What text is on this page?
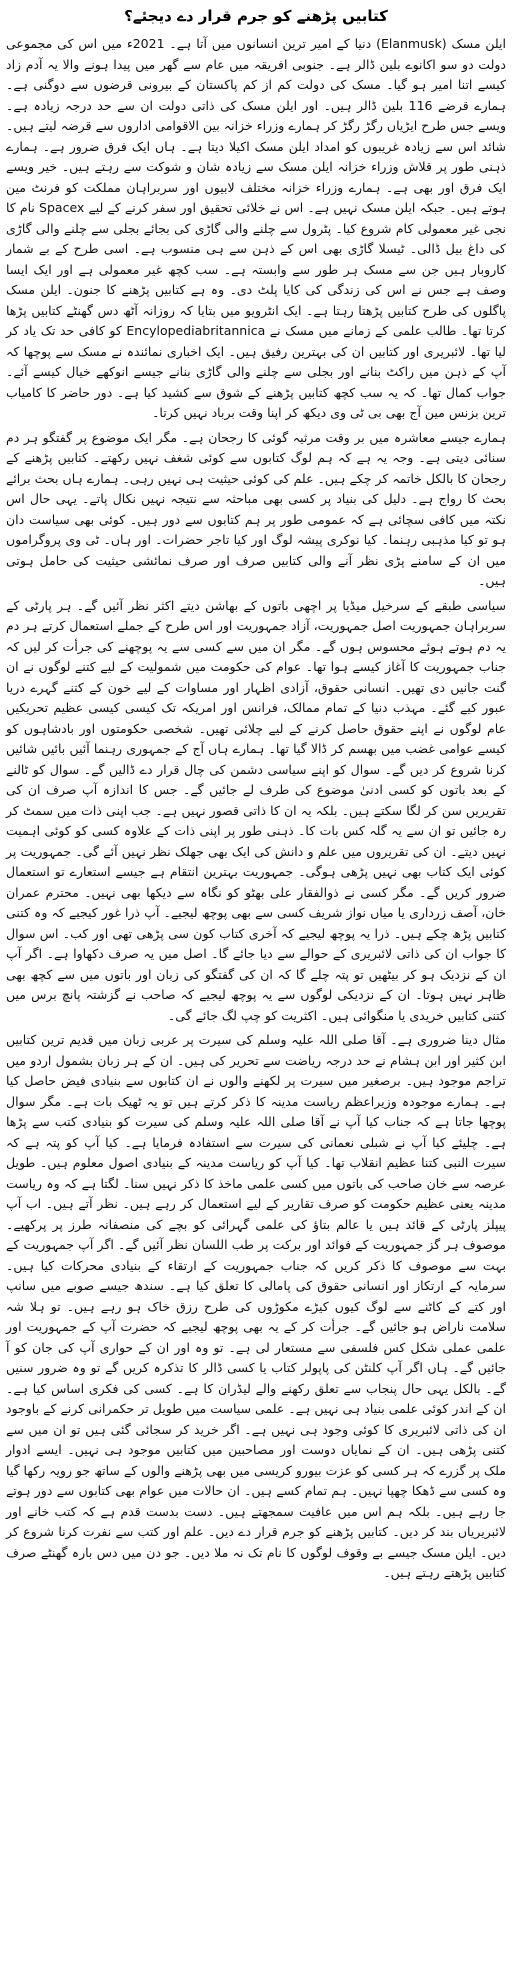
کتابیں پڑھنے کو جرم قرار دے دیجئے؟

ایلن مسک (Elanmusk) دنیا کے امیر ترین انسانوں میں آتا ہے۔ 2021ء میں اس کی مجموعی دولت دو سو اکانوے بلین ڈالر ہے۔ جنوبی افریقہ میں عام سے گھر میں پیدا ہونے والا یہ آدم زاد کیسے اتنا امیر ہو گیا۔ مسک کی دولت کم از کم پاکستان کے بیرونی قرضوں سے دوگنی ہے۔ ہمارے قرضے 116 بلین ڈالر ہیں۔ اور ایلن مسک کی ذاتی دولت ان سے حد درجہ زیادہ ہے۔ ویسے جس طرح ایڑیاں رگڑ رگڑ کر ہمارے وزراء خزانہ بین الاقوامی اداروں سے قرضہ لیتے ہیں۔ شائد اس سے زیادہ غریبوں کو امداد ایلن مسک اکیلا دیتا ہے۔ ہاں ایک فرق ضرور ہے۔ ہمارے ذہنی طور پر قلاش وزراء خزانہ ایلن مسک سے زیادہ شان و شوکت سے رہتے ہیں۔ خیر ویسے ایک فرق اور بھی ہے۔ ہمارے وزراء خزانہ مختلف لابیوں اور سربراہان مملکت کو فرنٹ مین ہوتے ہیں۔ جبکہ ایلن مسک نہیں ہے۔ اس نے خلائی تحقیق اور سفر کرنے کے لیے Spacex نام کا نجی غیر معمولی کام شروع کیا۔ پٹرول سے چلنے والی گاڑی کی بجائے بجلی سے چلنے والی گاڑی کی داغ بیل ڈالی۔ ٹیسلا گاڑی بھی اس کے ذہن سے ہی منسوب ہے۔ اسی طرح کے بے شمار کاروبار ہیں جن سے مسک ہر طور سے وابستہ ہے۔ سب کچھ غیر معمولی ہے اور ایک ایسا وصف ہے جس نے اس کی زندگی کی کایا پلٹ دی۔ وہ ہے کتابیں پڑھنے کا جنون۔ ایلن مسک پاگلوں کی طرح کتابیں پڑھتا رہتا ہے۔ ایک انٹرویو میں بتایا کہ روزانہ آٹھ دس گھنٹے کتابیں پڑھا کرتا تھا۔ طالب علمی کے زمانے میں مسک نے Encylopediabritannica کو کافی حد تک یاد کر لیا تھا۔ لائبریری اور کتابیں ان کی بہترین رفیق ہیں۔ ایک اخباری نمائندہ نے مسک سے پوچھا کہ آپ کے ذہن میں راکٹ بنانے اور بجلی سے چلنے والی گاڑی بنانے جیسے انوکھے خیال کیسے آئے۔ جواب کمال تھا۔ کہ یہ سب کچھ کتابیں پڑھنے کے شوق سے کشید کیا ہے۔ دور حاضر کا کامیاب ترین بزنس مین آج بھی بی ٹی وی دیکھ کر اپنا وقت برباد نہیں کرتا۔

ہمارے جیسے معاشرہ میں بر وقت مرثیہ گوئی کا رجحان ہے۔ مگر ایک موضوع پر گفتگو ہر دم سنائی دیتی ہے۔ وجہ یہ ہے کہ ہم لوگ کتابوں سے کوئی شغف نہیں رکھتے۔ کتابیں پڑھنے کے رجحان کا بالکل خاتمہ کر چکے ہیں۔ علم کی کوئی حیثیت ہی نہیں رہی۔ ہمارے ہاں بحث برائے بحث کا رواج ہے۔ دلیل کی بنیاد پر کسی بھی مباحثہ سے نتیجہ نہیں نکال پاتے۔ یہی حال اس نکتہ میں کافی سچائی ہے کہ عمومی طور پر ہم کتابوں سے دور ہیں۔ کوئی بھی سیاست دان ہو تو کیا مذہبی رہنما۔ کیا نوکری پیشہ لوگ اور کیا تاجر حضرات۔ اور ہاں۔ ٹی وی پروگراموں میں ان کے سامنے پڑی نظر آنے والی کتابیں صرف اور صرف نمائشی حیثیت کی حامل ہوتی ہیں۔

سیاسی طبقے کے سرخیل میڈیا پر اچھی باتوں کے بھاشن دیتے اکثر نظر آئیں گے۔ ہر پارٹی کے سربراہان جمہوریت اصل جمہوریت، آزاد جمہوریت اور اس طرح کے جملے استعمال کرتے ہر دم یہ دم ہوتے ہوئے محسوس ہوں گے۔ مگر ان میں سے کسی سے یہ پوچھنے کی جرأت کر لیں کہ جناب جمہوریت کا آغاز کیسے ہوا تھا۔ عوام کی حکومت میں شمولیت کے لیے کتنے لوگوں نے ان گنت جانیں دی تھیں۔ انسانی حقوق، آزادی اظہار اور مساوات کے لیے خون کے کتنے گہرے دریا عبور کیے گئے۔ مہذب دنیا کے تمام ممالک، فرانس اور امریکہ تک کیسی کیسی عظیم تحریکیں عام لوگوں نے اپنے حقوق حاصل کرنے کے لیے چلائی تھیں۔ شخصی حکومتوں اور بادشاہوں کو کیسے عوامی غضب میں بھسم کر ڈالا گیا تھا۔ ہمارے ہاں آج کے جمہوری رہنما آئیں بائیں شائیں کرنا شروع کر دیں گے۔ سوال کو اپنے سیاسی دشمن کی چال قرار دے ڈالیں گے۔ سوال کو ٹالنے کے بعد باتوں کو کسی ادنیٰ موضوع کی طرف لے جائیں گے۔ جس کا اندازہ آپ صرف ان کی تقریریں سن کر لگا سکتے ہیں۔ بلکہ یہ ان کا ذاتی قصور نہیں ہے۔ جب اپنی ذات میں سمٹ کر رہ جائیں تو ان سے یہ گلہ کس بات کا۔ ذہنی طور پر اپنی ذات کے علاوہ کسی کو کوئی اہمیت نہیں دیتے۔ ان کی تقریروں میں علم و دانش کی ایک بھی جھلک نظر نہیں آئے گی۔ جمہوریت پر کوئی ایک کتاب بھی نہیں پڑھی ہوگی۔ جمہوریت بہترین انتقام ہے جیسے استعارے تو استعمال ضرور کریں گے۔ مگر کسی نے ذوالفقار علی بھٹو کو نگاہ سے دیکھا بھی نہیں۔ محترم عمران خان، آصف زرداری یا میاں نواز شریف کسی سے بھی پوچھ لیجیے۔ آپ ذرا غور کیجیے کہ وہ کتنی کتابیں پڑھ چکے ہیں۔ ذرا یہ پوچھ لیجیے کہ آخری کتاب کون سی پڑھی تھی اور کب۔ اس سوال کا جواب ان کی ذاتی لائبریری کے حوالے سے دیا جائے گا۔ اصل میں یہ صرف دکھاوا ہے۔ اگر آپ ان کے نزدیک ہو کر بیٹھیں تو پتہ چلے گا کہ ان کی گفتگو کی زبان اور باتوں میں سے کچھ بھی ظاہر نہیں ہوتا۔ ان کے نزدیکی لوگوں سے یہ پوچھ لیجیے کہ صاحب نے گزشتہ پانچ برس میں کتنی کتابیں خریدی یا منگوائی ہیں۔ اکثریت کو چپ لگ جائے گی۔

مثال دینا ضروری ہے۔ آقا صلی اللہ علیہ وسلم کی سیرت پر عربی زبان میں قدیم ترین کتابیں ابن کثیر اور ابن ہشام نے حد درجہ ریاضت سے تحریر کی ہیں۔ ان کے ہر زبان بشمول اردو میں تراجم موجود ہیں۔ برصغیر میں سیرت پر لکھنے والوں نے ان کتابوں سے بنیادی فیض حاصل کیا ہے۔ ہمارے موجودہ وزیراعظم ریاست مدینہ کا ذکر کرتے ہیں تو یہ ٹھیک بات ہے۔ مگر سوال پوچھا جاتا ہے کہ جناب کیا آپ نے آقا صلی اللہ علیہ وسلم کی سیرت کو بنیادی کتب سے پڑھا ہے۔ چلیئے کیا آپ نے شبلی نعمانی کی سیرت سے استفادہ فرمایا ہے۔ کیا آپ کو پتہ ہے کہ سیرت النبی کتنا عظیم انقلاب تھا۔ کیا آپ کو ریاست مدینہ کے بنیادی اصول معلوم ہیں۔ طویل عرصہ سے خان صاحب کی باتوں میں کسی علمی ماخذ کا ذکر نہیں سنا۔ لگتا ہے کہ وہ ریاست مدینہ یعنی عظیم حکومت کو صرف تقاریر کے لیے استعمال کر رہے ہیں۔ نظر آتے ہیں۔ اب آپ پیپلز پارٹی کے قائد ہیں یا عالم بتاؤ کی علمی گہرائی کو بچے کی منصفانہ طرز پر پرکھیے۔ موصوف ہر گز جمہوریت کے فوائد اور برکت پر طب اللسان نظر آئیں گے۔ اگر آپ جمہوریت کے بہت سے موصوف کا ذکر کریں کہ جناب جمہوریت کے ارتقاء کے بنیادی محرکات کیا ہیں۔ سرمایہ کے ارتکاز اور انسانی حقوق کی پامالی کا تعلق کیا ہے۔ سندھ جیسے صوبے میں سانپ اور کتے کے کاٹنے سے لوگ کیوں کیڑے مکوڑوں کی طرح رزق خاک ہو رہے ہیں۔ تو ہلا شہ سلامت ناراض ہو جائیں گے۔ جرأت کر کے یہ بھی پوچھ لیجیے کہ حضرت آپ کے جمہوریت اور علمی عملی شکل کس فلسفی سے مستعار لی ہے۔ تو وہ اور ان کے حواری آپ کی جان کو آ جائیں گے۔ ہاں اگر آپ کلنٹن کی پاپولر کتاب یا کسی ڈالر کا تذکرہ کریں گے تو وہ ضرور سنیں گے۔ بالکل یہی حال پنجاب سے تعلق رکھنے والے لیڈران کا ہے۔ کسی کی فکری اساس کیا ہے۔ ان کے اندر کوئی علمی بنیاد ہی نہیں ہے۔ علمی سیاست میں طویل تر حکمرانی کرنے کے باوجود ان کی ذاتی لائبریری کا کوئی وجود ہی نہیں ہے۔ اگر خرید کر سجائی گئی ہیں تو ان میں سے کتنی پڑھی ہیں۔ ان کے نمایاں دوست اور مصاحبین میں کتابیں موجود ہی نہیں۔ ایسے ادوار ملک پر گزرے کہ ہر کسی کو عزت بیورو کریسی میں بھی پڑھنے والوں کے ساتھ جو رویہ رکھا گیا وہ کسی سے ڈھکا چھپا نہیں۔ ہم تمام کسے ہیں۔ ان حالات میں عوام بھی کتابوں سے دور ہوتے جا رہے ہیں۔ بلکہ ہم اس میں عافیت سمجھتے ہیں۔ دست بدست قدم ہے کہ کتب خانے اور لائبریریاں بند کر دیں۔ کتابیں پڑھنے کو جرم قرار دے دیں۔ علم اور کتب سے نفرت کرنا شروع کر دیں۔ ایلن مسک جیسے بے وقوف لوگوں کا نام تک نہ ملا دیں۔ جو دن میں دس بارہ گھنٹے صرف کتابیں پڑھتے رہتے ہیں۔
